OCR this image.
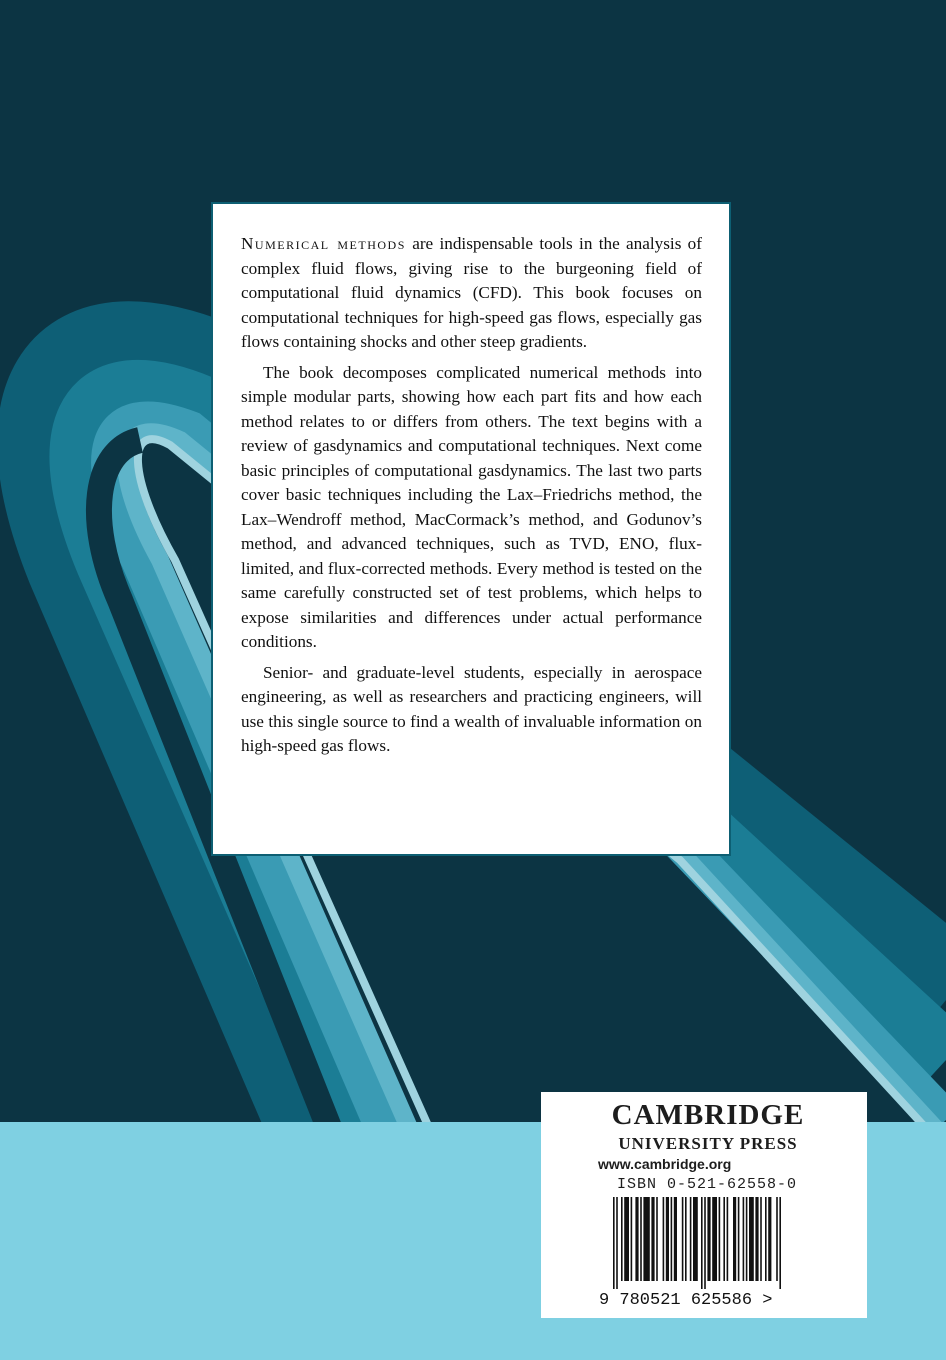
Numerical methods are indispensable tools in the analysis of complex fluid flows, giving rise to the burgeoning field of computational fluid dynamics (CFD). This book focuses on computational techniques for high-speed gas flows, especially gas flows containing shocks and other steep gradients.

The book decomposes complicated numerical methods into simple modular parts, showing how each part fits and how each method relates to or differs from others. The text begins with a review of gasdynamics and computational techniques. Next come basic principles of computational gasdynamics. The last two parts cover basic techniques including the Lax–Friedrichs method, the Lax–Wendroff method, MacCormack’s method, and Godunov’s method, and advanced techniques, such as TVD, ENO, flux-limited, and flux-corrected methods. Every method is tested on the same carefully constructed set of test problems, which helps to expose similarities and differences under actual performance conditions.

Senior- and graduate-level students, especially in aerospace engineering, as well as researchers and practicing engineers, will use this single source to find a wealth of invaluable information on high-speed gas flows.

CAMBRIDGE
UNIVERSITY PRESS
www.cambridge.org
ISBN 0-521-62558-0
9 780521 625586 >
